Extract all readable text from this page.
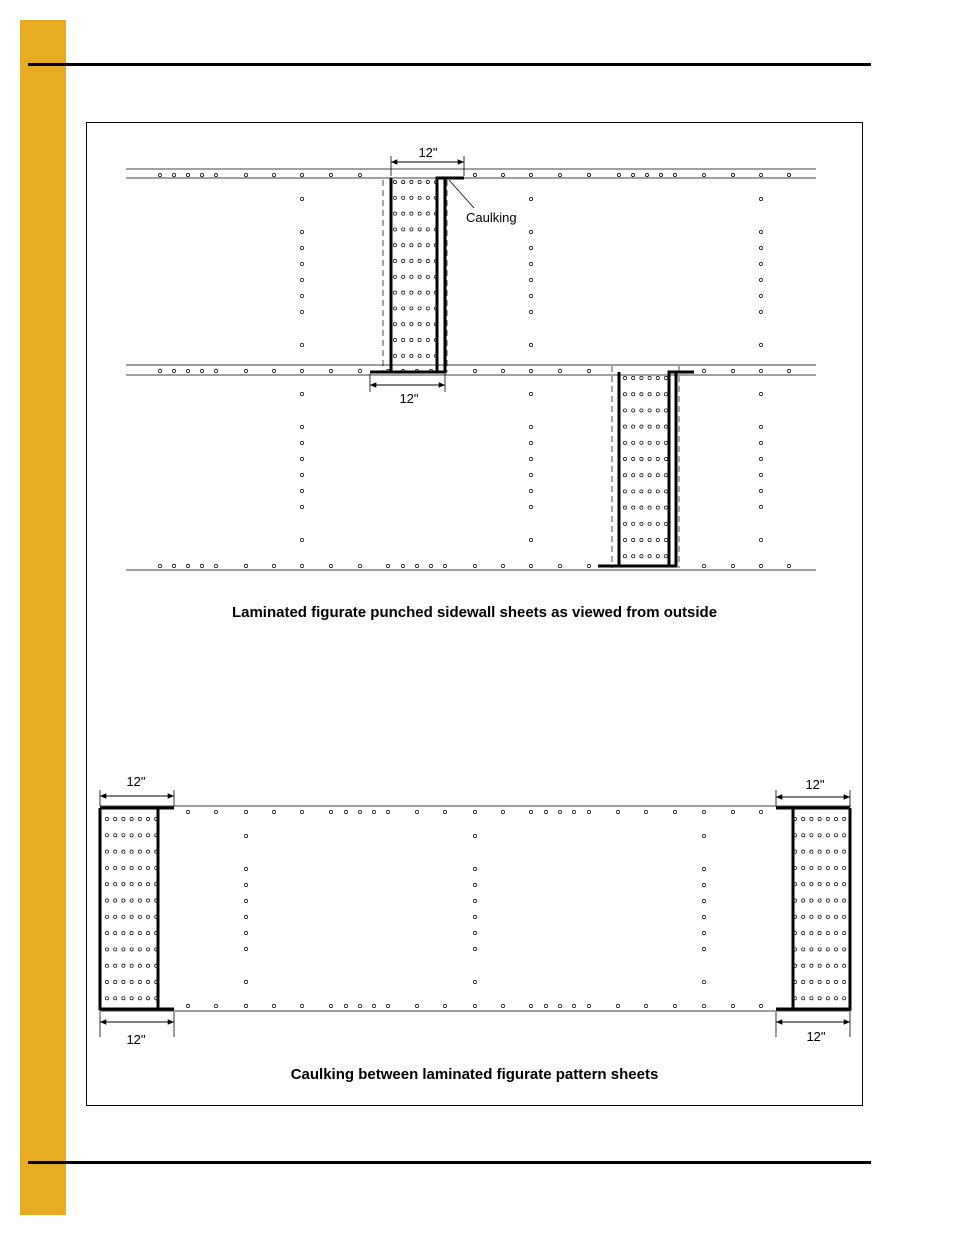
12"
12"
Caulking
12"	12"
12"	12"
Laminated figurate punched sidewall sheets as viewed from outside
Caulking between laminated figurate pattern sheets
